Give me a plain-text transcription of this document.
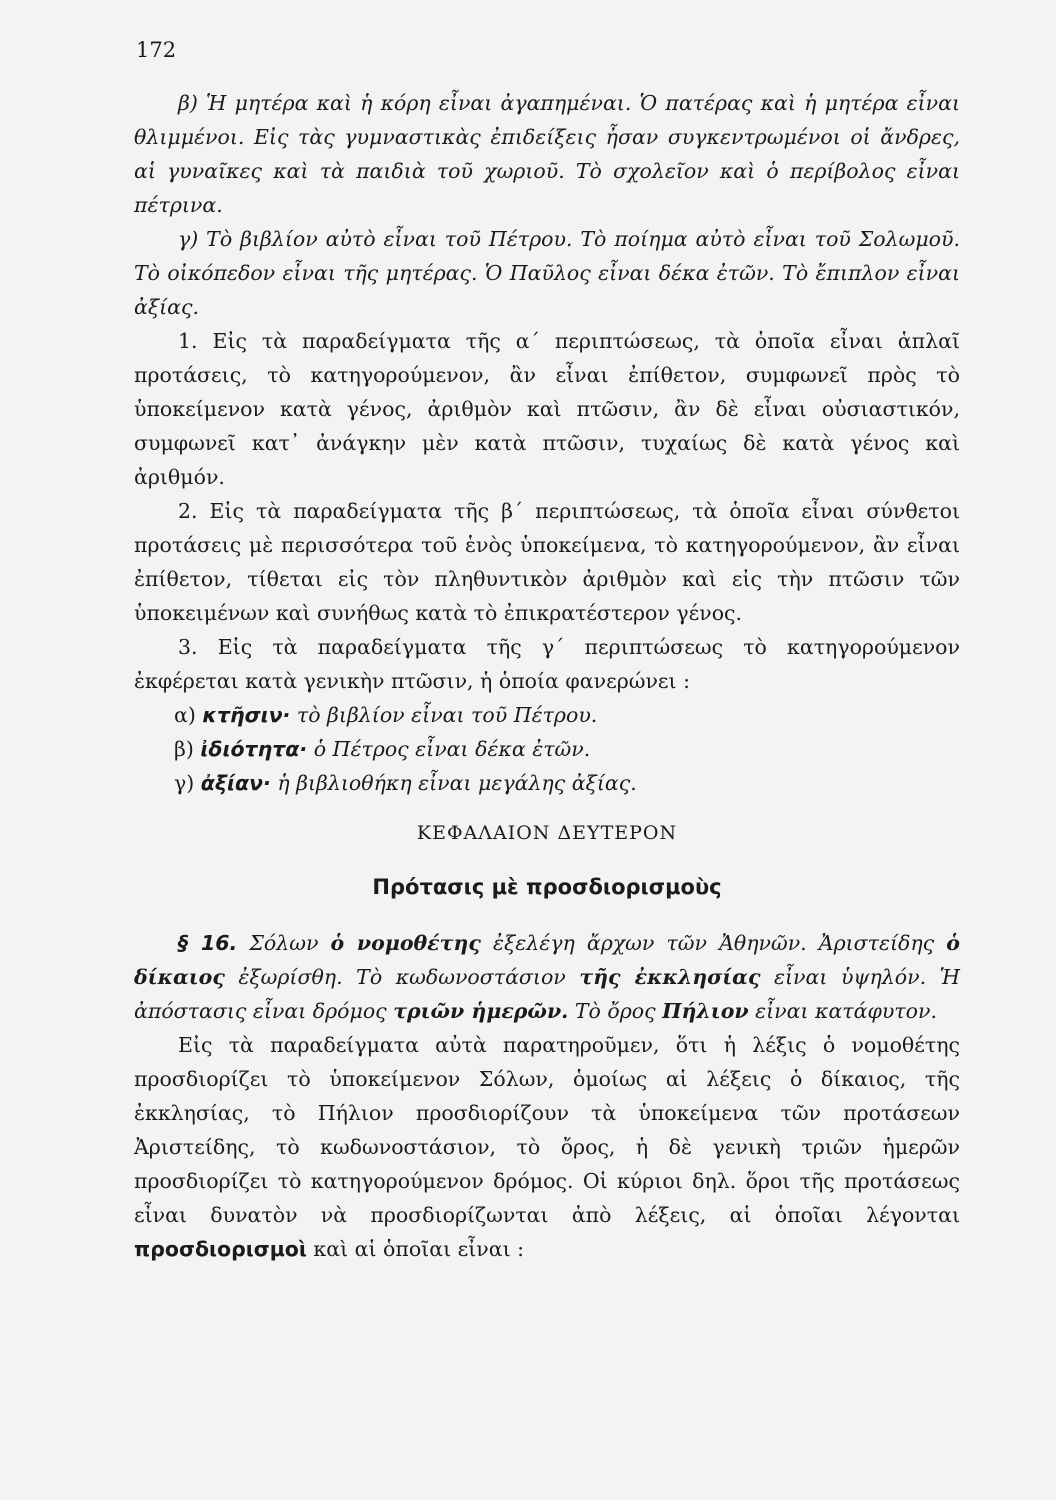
172

β) Ἡ μητέρα καὶ ἡ κόρη εἶναι ἀγαπημέναι. Ὁ πατέρας καὶ ἡ μητέρα εἶναι θλιμμένοι. Εἰς τὰς γυμναστικὰς ἐπιδείξεις ἦσαν συγκεντρωμένοι οἱ ἄνδρες, αἱ γυναῖκες καὶ τὰ παιδιὰ τοῦ χωριοῦ. Τὸ σχολεῖον καὶ ὁ περίβολος εἶναι πέτρινα.

γ) Τὸ βιβλίον αὐτὸ εἶναι τοῦ Πέτρου. Τὸ ποίημα αὐτὸ εἶναι τοῦ Σολωμοῦ. Τὸ οἰκόπεδον εἶναι τῆς μητέρας. Ὁ Παῦλος εἶναι δέκα ἐτῶν. Τὸ ἔπιπλον εἶναι ἀξίας.

1. Εἰς τὰ παραδείγματα τῆς α΄ περιπτώσεως, τὰ ὁποῖα εἶναι ἁπλαῖ προτάσεις, τὸ κατηγορούμενον, ἂν εἶναι ἐπίθετον, συμφωνεῖ πρὸς τὸ ὑποκείμενον κατὰ γένος, ἀριθμὸν καὶ πτῶσιν, ἂν δὲ εἶναι οὐσιαστικόν, συμφωνεῖ κατ᾽ ἀνάγκην μὲν κατὰ πτῶσιν, τυχαίως δὲ κατὰ γένος καὶ ἀριθμόν.

2. Εἰς τὰ παραδείγματα τῆς β΄ περιπτώσεως, τὰ ὁποῖα εἶναι σύνθετοι προτάσεις μὲ περισσότερα τοῦ ἑνὸς ὑποκείμενα, τὸ κατηγορούμενον, ἂν εἶναι ἐπίθετον, τίθεται εἰς τὸν πληθυντικὸν ἀριθμὸν καὶ εἰς τὴν πτῶσιν τῶν ὑποκειμένων καὶ συνήθως κατὰ τὸ ἐπικρατέστερον γένος.

3. Εἰς τὰ παραδείγματα τῆς γ΄ περιπτώσεως τὸ κατηγορούμενον ἐκφέρεται κατὰ γενικὴν πτῶσιν, ἡ ὁποία φανερώνει :

α) κτῆσιν· τὸ βιβλίον εἶναι τοῦ Πέτρου.

β) ἰδιότητα· ὁ Πέτρος εἶναι δέκα ἐτῶν.

γ) ἀξίαν· ἡ βιβλιοθήκη εἶναι μεγάλης ἀξίας.

ΚΕΦΑΛΑΙΟΝ ΔΕΥΤΕΡΟΝ

Πρότασις μὲ προσδιορισμοὺς

§ 16. Σόλων ὁ νομοθέτης ἐξελέγη ἄρχων τῶν Ἀθηνῶν. Ἀριστείδης ὁ δίκαιος ἐξωρίσθη. Τὸ κωδωνοστάσιον τῆς ἐκκλησίας εἶναι ὑψηλόν. Ἡ ἀπόστασις εἶναι δρόμος τριῶν ἡμερῶν. Τὸ ὄρος Πήλιον εἶναι κατάφυτον.

Εἰς τὰ παραδείγματα αὐτὰ παρατηροῦμεν, ὅτι ἡ λέξις ὁ νομοθέτης προσδιορίζει τὸ ὑποκείμενον Σόλων, ὁμοίως αἱ λέξεις ὁ δίκαιος, τῆς ἐκκλησίας, τὸ Πήλιον προσδιορίζουν τὰ ὑποκείμενα τῶν προτάσεων Ἀριστείδης, τὸ κωδωνοστάσιον, τὸ ὄρος, ἡ δὲ γενικὴ τριῶν ἡμερῶν προσδιορίζει τὸ κατηγορούμενον δρόμος. Οἱ κύριοι δηλ. ὅροι τῆς προτάσεως εἶναι δυνατὸν νὰ προσδιορίζωνται ἀπὸ λέξεις, αἱ ὁποῖαι λέγονται προσδιορισμοὶ καὶ αἱ ὁποῖαι εἶναι :
